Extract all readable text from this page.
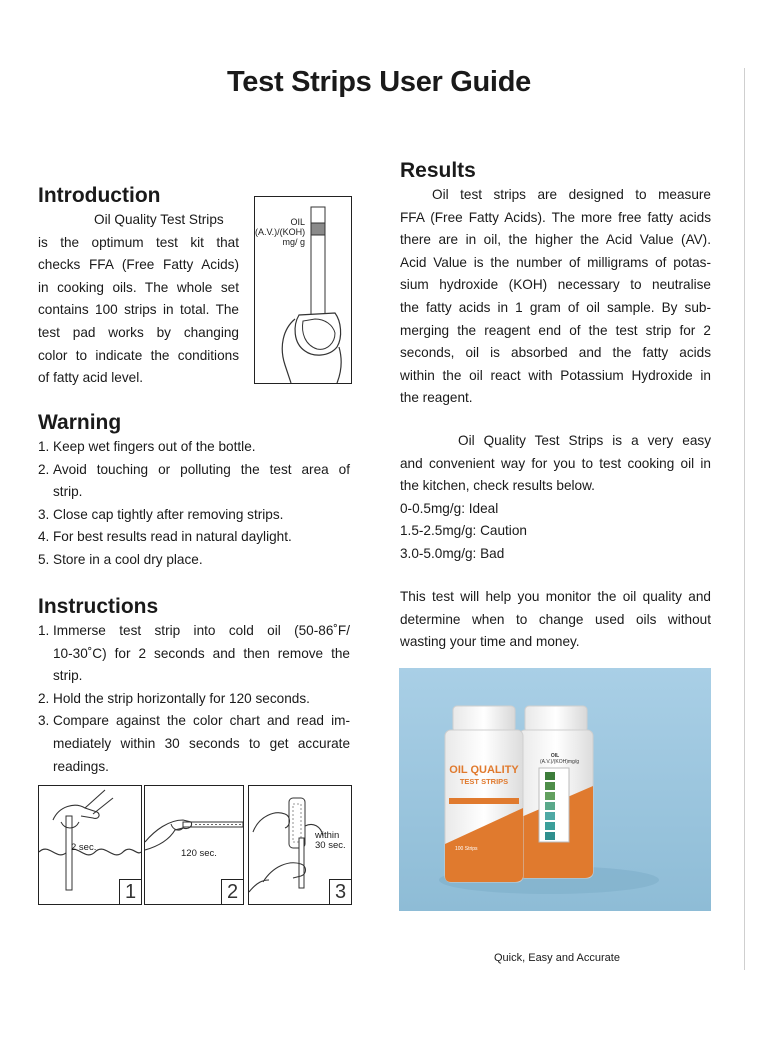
Test Strips User Guide
Introduction
Oil Quality Test Strips
is the optimum test kit that
checks FFA (Free Fatty Acids)
in cooking oils. The whole set
contains 100 strips in total. The
test pad works by changing
color to indicate the conditions
of fatty acid level.
OIL
(A.V.)/(KOH)
mg/ g
Warning
1. Keep wet fingers out of the bottle.
2. Avoid touching or polluting the test area of
strip.
3. Close cap tightly after removing strips.
4. For best results read in natural daylight.
5. Store in a cool dry place.
Instructions
1. Immerse test strip into cold oil (50-86˚F/
10-30˚C) for 2 seconds and then remove the
strip.
2. Hold the strip horizontally for 120 seconds.
3. Compare against the color chart and read im-
mediately within 30 seconds to get accurate
readings.
2 sec.
1
120 sec.
2
within
30 sec.
3
Results
Oil test strips are designed to measure
FFA (Free Fatty Acids). The more free fatty acids
there are in oil, the higher the Acid Value (AV).
Acid Value is the number of milligrams of potas-
sium hydroxide (KOH) necessary to neutralise
the fatty acids in 1 gram of oil sample. By sub-
merging the reagent end of the test strip for 2
seconds, oil is absorbed and the fatty acids
within the oil react with Potassium Hydroxide in
the reagent.
Oil Quality Test Strips is a very easy
and convenient way for you to test cooking oil in
the kitchen, check results below.
0-0.5mg/g: Ideal
1.5-2.5mg/g: Caution
3.0-5.0mg/g: Bad
This test will help you monitor the oil quality and
determine when to change used oils without
wasting your time and money.
OIL QUALITY
TEST STRIPS
OIL
(A.V.)/(KOH)mg/g
100 Strips
Quick, Easy and Accurate
